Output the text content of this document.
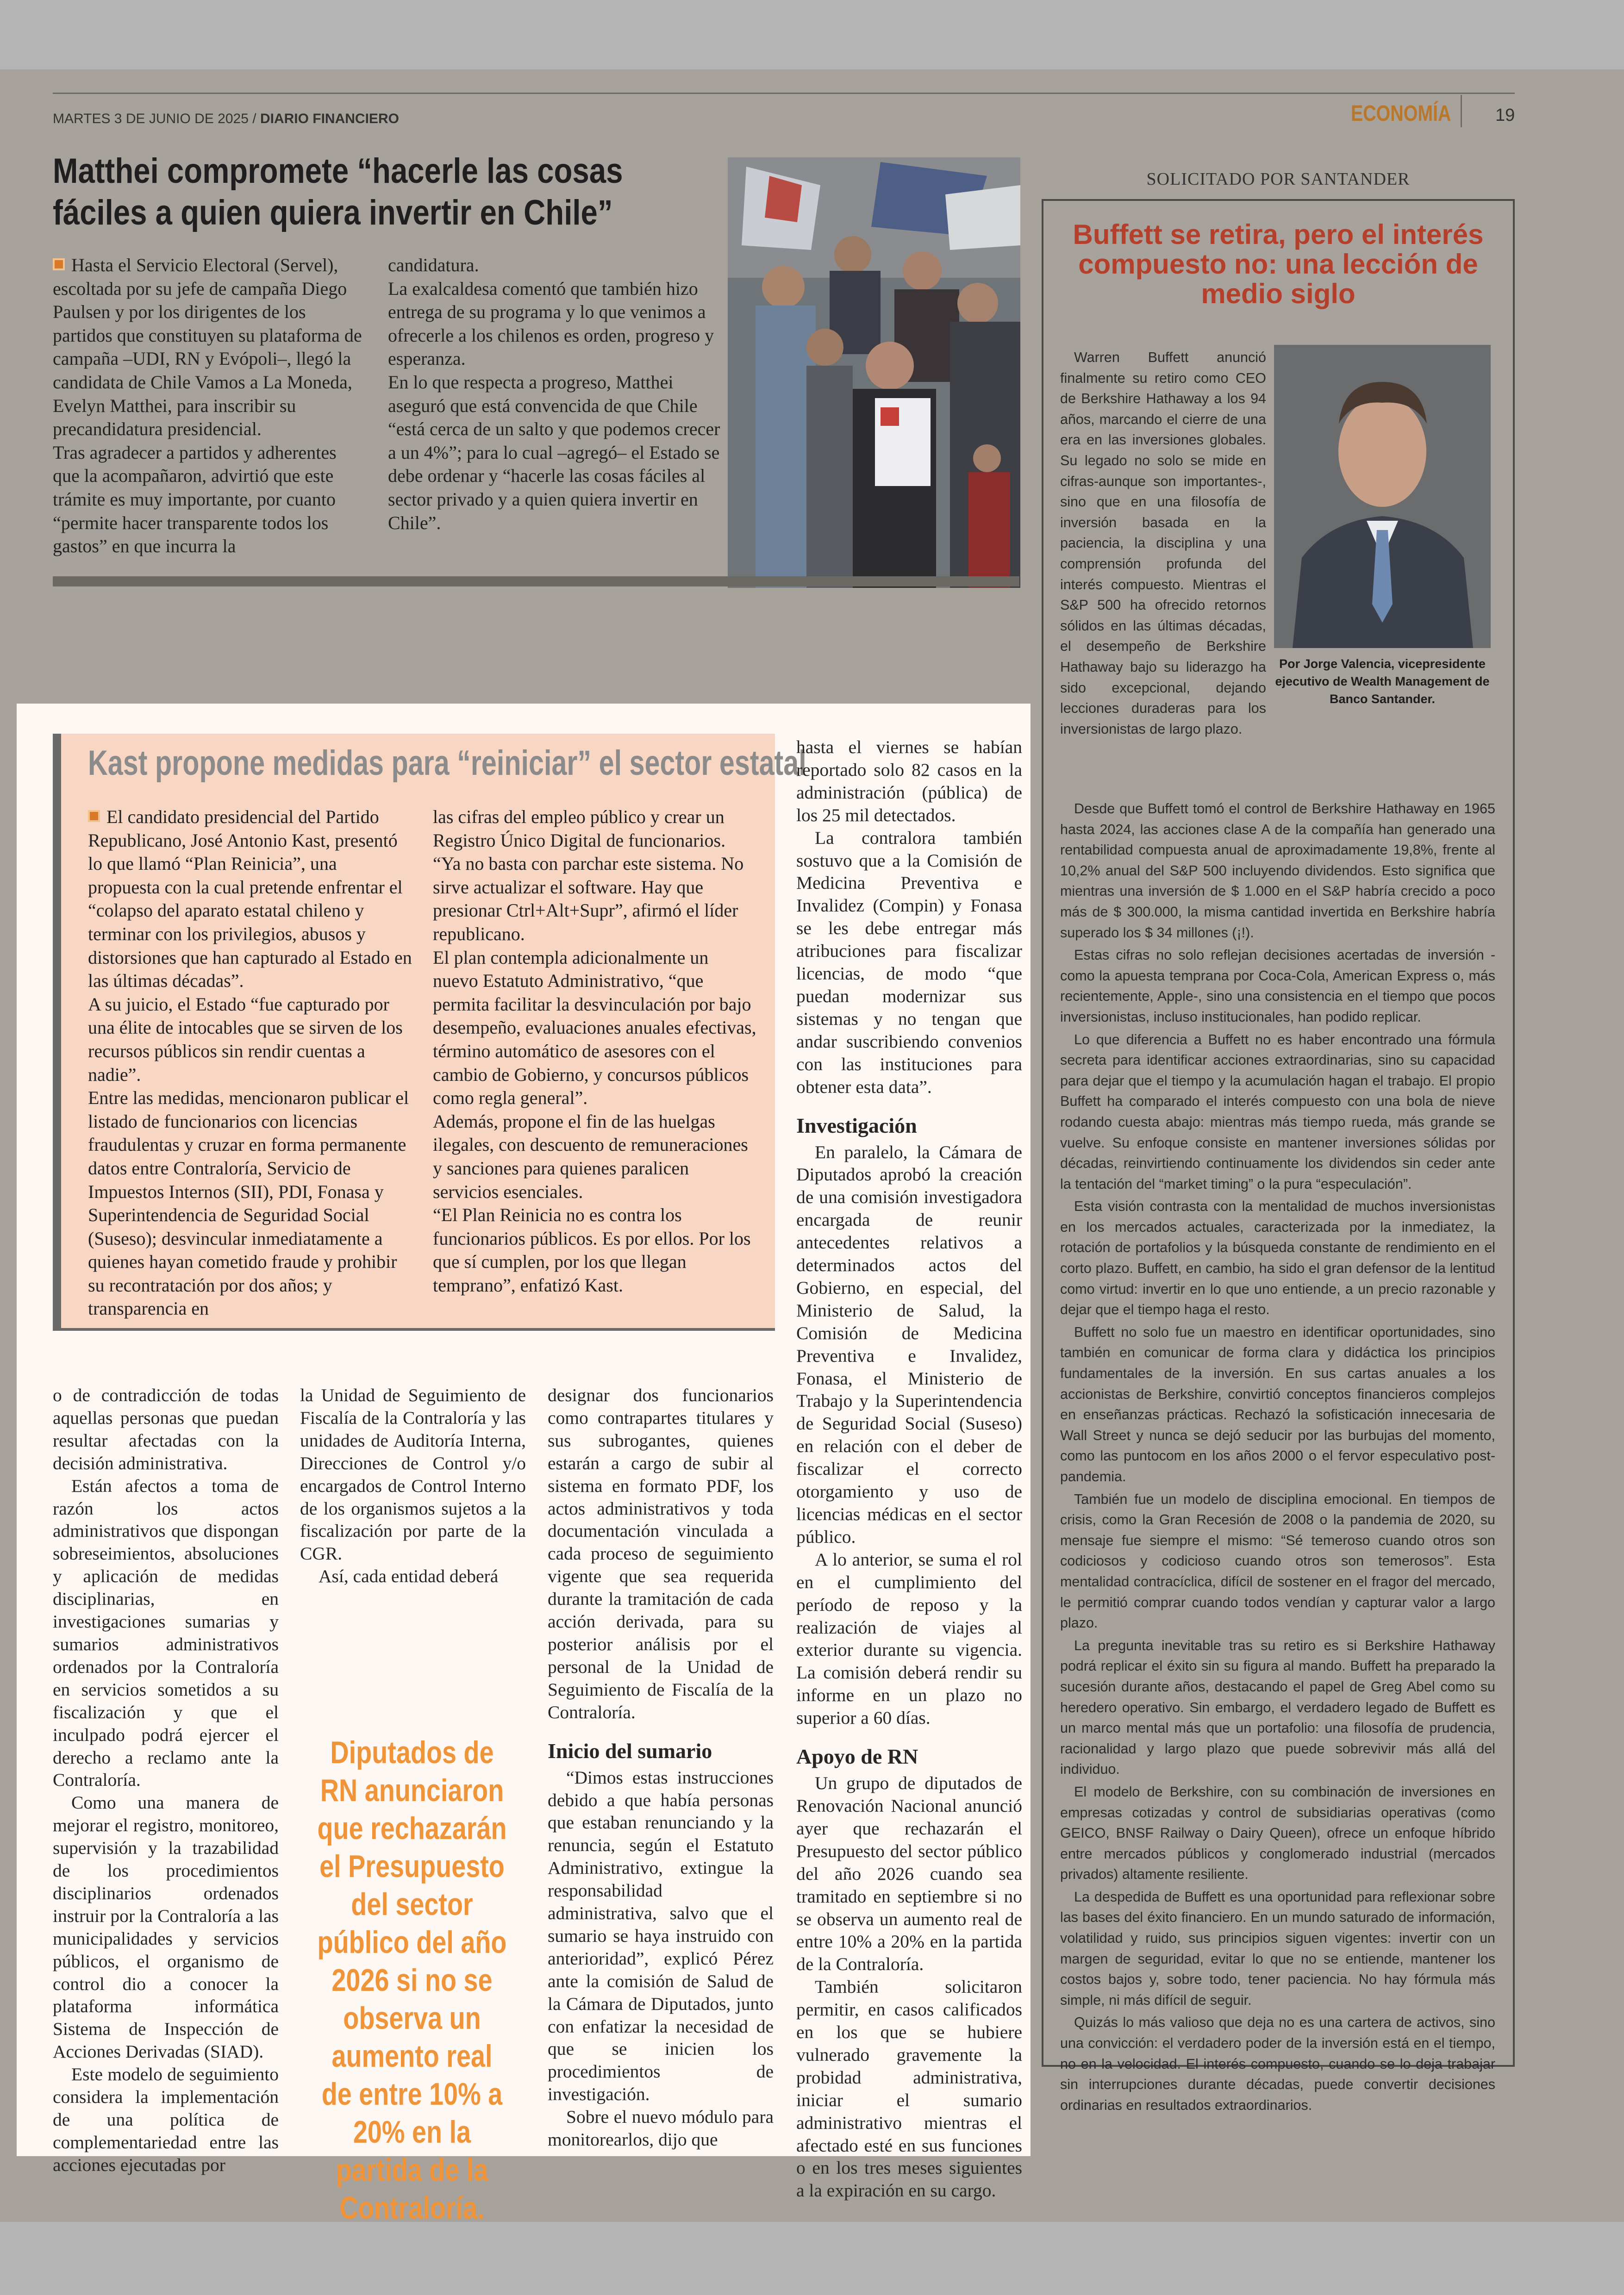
MARTES 3 DE JUNIO DE 2025 / DIARIO FINANCIERO	ECONOMÍA	19
Matthei compromete “hacerle las cosas fáciles a quien quiera invertir en Chile”

Hasta el Servicio Electoral (Servel), escoltada por su jefe de campaña Diego Paulsen y por los dirigentes de los partidos que constituyen su plataforma de campaña –UDI, RN y Evópoli–, llegó la candidata de Chile Vamos a La Moneda, Evelyn Matthei, para inscribir su precandidatura presidencial.

Tras agradecer a partidos y adherentes que la acompañaron, advirtió que este trámite es muy importante, por cuanto “permite hacer transparente todos los gastos” en que incurra la

candidatura.

La exalcaldesa comentó que también hizo entrega de su programa y lo que venimos a ofrecerle a los chilenos es orden, progreso y esperanza.

En lo que respecta a progreso, Matthei aseguró que está convencida de que Chile “está cerca de un salto y que podemos crecer a un 4%”; para lo cual –agregó– el Estado se debe ordenar y “hacerle las cosas fáciles al sector privado y a quien quiera invertir en Chile”.

SOLICITADO POR SANTANDER
Buffett se retira, pero el interés compuesto no: una lección de medio siglo
Por Jorge Valencia, vicepresidente ejecutivo de Wealth Management de Banco Santander.

Warren Buffett anunció finalmente su retiro como CEO de Berkshire Hathaway a los 94 años, marcando el cierre de una era en las inversiones globales. Su legado no solo se mide en cifras-aunque son importantes-, sino que en una filosofía de inversión basada en la paciencia, la disciplina y una comprensión profunda del interés compuesto. Mientras el S&P 500 ha ofrecido retornos sólidos en las últimas décadas, el desempeño de Berkshire Hathaway bajo su liderazgo ha sido excepcional, dejando lecciones duraderas para los inversionistas de largo plazo.

Desde que Buffett tomó el control de Berkshire Hathaway en 1965 hasta 2024, las acciones clase A de la compañía han generado una rentabilidad compuesta anual de aproximadamente 19,8%, frente al 10,2% anual del S&P 500 incluyendo dividendos. Esto significa que mientras una inversión de $ 1.000 en el S&P habría crecido a poco más de $ 300.000, la misma cantidad invertida en Berkshire habría superado los $ 34 millones (¡!).

Estas cifras no solo reflejan decisiones acertadas de inversión -como la apuesta temprana por Coca-Cola, American Express o, más recientemente, Apple-, sino una consistencia en el tiempo que pocos inversionistas, incluso institucionales, han podido replicar.

Lo que diferencia a Buffett no es haber encontrado una fórmula secreta para identificar acciones extraordinarias, sino su capacidad para dejar que el tiempo y la acumulación hagan el trabajo. El propio Buffett ha comparado el interés compuesto con una bola de nieve rodando cuesta abajo: mientras más tiempo rueda, más grande se vuelve. Su enfoque consiste en mantener inversiones sólidas por décadas, reinvirtiendo continuamente los dividendos sin ceder ante la tentación del “market timing” o la pura “especulación”.

Esta visión contrasta con la mentalidad de muchos inversionistas en los mercados actuales, caracterizada por la inmediatez, la rotación de portafolios y la búsqueda constante de rendimiento en el corto plazo. Buffett, en cambio, ha sido el gran defensor de la lentitud como virtud: invertir en lo que uno entiende, a un precio razonable y dejar que el tiempo haga el resto.

Buffett no solo fue un maestro en identificar oportunidades, sino también en comunicar de forma clara y didáctica los principios fundamentales de la inversión. En sus cartas anuales a los accionistas de Berkshire, convirtió conceptos financieros complejos en enseñanzas prácticas. Rechazó la sofisticación innecesaria de Wall Street y nunca se dejó seducir por las burbujas del momento, como las puntocom en los años 2000 o el fervor especulativo post-pandemia.

También fue un modelo de disciplina emocional. En tiempos de crisis, como la Gran Recesión de 2008 o la pandemia de 2020, su mensaje fue siempre el mismo: “Sé temeroso cuando otros son codiciosos y codicioso cuando otros son temerosos”. Esta mentalidad contracíclica, difícil de sostener en el fragor del mercado, le permitió comprar cuando todos vendían y capturar valor a largo plazo.

La pregunta inevitable tras su retiro es si Berkshire Hathaway podrá replicar el éxito sin su figura al mando. Buffett ha preparado la sucesión durante años, destacando el papel de Greg Abel como su heredero operativo. Sin embargo, el verdadero legado de Buffett es un marco mental más que un portafolio: una filosofía de prudencia, racionalidad y largo plazo que puede sobrevivir más allá del individuo.

El modelo de Berkshire, con su combinación de inversiones en empresas cotizadas y control de subsidiarias operativas (como GEICO, BNSF Railway o Dairy Queen), ofrece un enfoque híbrido entre mercados públicos y conglomerado industrial (mercados privados) altamente resiliente.

La despedida de Buffett es una oportunidad para reflexionar sobre las bases del éxito financiero. En un mundo saturado de información, volatilidad y ruido, sus principios siguen vigentes: invertir con un margen de seguridad, evitar lo que no se entiende, mantener los costos bajos y, sobre todo, tener paciencia. No hay fórmula más simple, ni más difícil de seguir.

Quizás lo más valioso que deja no es una cartera de activos, sino una convicción: el verdadero poder de la inversión está en el tiempo, no en la velocidad. El interés compuesto, cuando se lo deja trabajar sin interrupciones durante décadas, puede convertir decisiones ordinarias en resultados extraordinarios.

Kast propone medidas para “reiniciar” el sector estatal

El candidato presidencial del Partido Republicano, José Antonio Kast, presentó lo que llamó “Plan Reinicia”, una propuesta con la cual pretende enfrentar el “colapso del aparato estatal chileno y terminar con los privilegios, abusos y distorsiones que han capturado al Estado en las últimas décadas”.

A su juicio, el Estado “fue capturado por una élite de intocables que se sirven de los recursos públicos sin rendir cuentas a nadie”.

Entre las medidas, mencionaron publicar el listado de funcionarios con licencias fraudulentas y cruzar en forma permanente datos entre Contraloría, Servicio de Impuestos Internos (SII), PDI, Fonasa y Superintendencia de Seguridad Social (Suseso); desvincular inmediatamente a quienes hayan cometido fraude y prohibir su recontratación por dos años; y transparencia en

las cifras del empleo público y crear un Registro Único Digital de funcionarios.

“Ya no basta con parchar este sistema. No sirve actualizar el software. Hay que presionar Ctrl+Alt+Supr”, afirmó el líder republicano.

El plan contempla adicionalmente un nuevo Estatuto Administrativo, “que permita facilitar la desvinculación por bajo desempeño, evaluaciones anuales efectivas, término automático de asesores con el cambio de Gobierno, y concursos públicos como regla general”.

Además, propone el fin de las huelgas ilegales, con descuento de remuneraciones y sanciones para quienes paralicen servicios esenciales.

“El Plan Reinicia no es contra los funcionarios públicos. Es por ellos. Por los que sí cumplen, por los que llegan temprano”, enfatizó Kast.

hasta el viernes se habían reportado solo 82 casos en la administración (pública) de los 25 mil detectados.

La contralora también sostuvo que a la Comisión de Medicina Preventiva e Invalidez (Compin) y Fonasa se les debe entregar más atribuciones para fiscalizar licencias, de modo “que puedan modernizar sus sistemas y no tengan que andar suscribiendo convenios con las instituciones para obtener esta data”.

Investigación

En paralelo, la Cámara de Diputados aprobó la creación de una comisión investigadora encargada de reunir antecedentes relativos a determinados actos del Gobierno, en especial, del Ministerio de Salud, la Comisión de Medicina Preventiva e Invalidez, Fonasa, el Ministerio de Trabajo y la Superintendencia de Seguridad Social (Suseso) en relación con el deber de fiscalizar el correcto otorgamiento y uso de licencias médicas en el sector público.

A lo anterior, se suma el rol en el cumplimiento del período de reposo y la realización de viajes al exterior durante su vigencia. La comisión deberá rendir su informe en un plazo no superior a 60 días.

Apoyo de RN

Un grupo de diputados de Renovación Nacional anunció ayer que rechazarán el Presupuesto del sector público del año 2026 cuando sea tramitado en septiembre si no se observa un aumento real de entre 10% a 20% en la partida de la Contraloría.

También solicitaron permitir, en casos calificados en los que se hubiere vulnerado gravemente la probidad administrativa, iniciar el sumario administrativo mientras el afectado esté en sus funciones o en los tres meses siguientes a la expiración en su cargo.

o de contradicción de todas aquellas personas que puedan resultar afectadas con la decisión administrativa.

Están afectos a toma de razón los actos administrativos que dispongan sobreseimientos, absoluciones y aplicación de medidas disciplinarias, en investigaciones sumarias y sumarios administrativos ordenados por la Contraloría en servicios sometidos a su fiscalización y que el inculpado podrá ejercer el derecho a reclamo ante la Contraloría.

Como una manera de mejorar el registro, monitoreo, supervisión y la trazabilidad de los procedimientos disciplinarios ordenados instruir por la Contraloría a las municipalidades y servicios públicos, el organismo de control dio a conocer la plataforma informática Sistema de Inspección de Acciones Derivadas (SIAD).

Este modelo de seguimiento considera la implementación de una política de complementariedad entre las acciones ejecutadas por

la Unidad de Seguimiento de Fiscalía de la Contraloría y las unidades de Auditoría Interna, Direcciones de Control y/o encargados de Control Interno de los organismos sujetos a la fiscalización por parte de la CGR.

Así, cada entidad deberá

designar dos funcionarios como contrapartes titulares y sus subrogantes, quienes estarán a cargo de subir al sistema en formato PDF, los actos administrativos y toda documentación vinculada a cada proceso de seguimiento vigente que sea requerida durante la tramitación de cada acción derivada, para su posterior análisis por el personal de la Unidad de Seguimiento de Fiscalía de la Contraloría.

Inicio del sumario

“Dimos estas instrucciones debido a que había personas que estaban renunciando y la renuncia, según el Estatuto Administrativo, extingue la responsabilidad administrativa, salvo que el sumario se haya instruido con anterioridad”, explicó Pérez ante la comisión de Salud de la Cámara de Diputados, junto con enfatizar la necesidad de que se inicien los procedimientos de investigación.

Sobre el nuevo módulo para monitorearlos, dijo que

Diputados de RN anunciaron que rechazarán el Presupuesto del sector público del año 2026 si no se observa un aumento real de entre 10% a 20% en la partida de la Contraloría.
